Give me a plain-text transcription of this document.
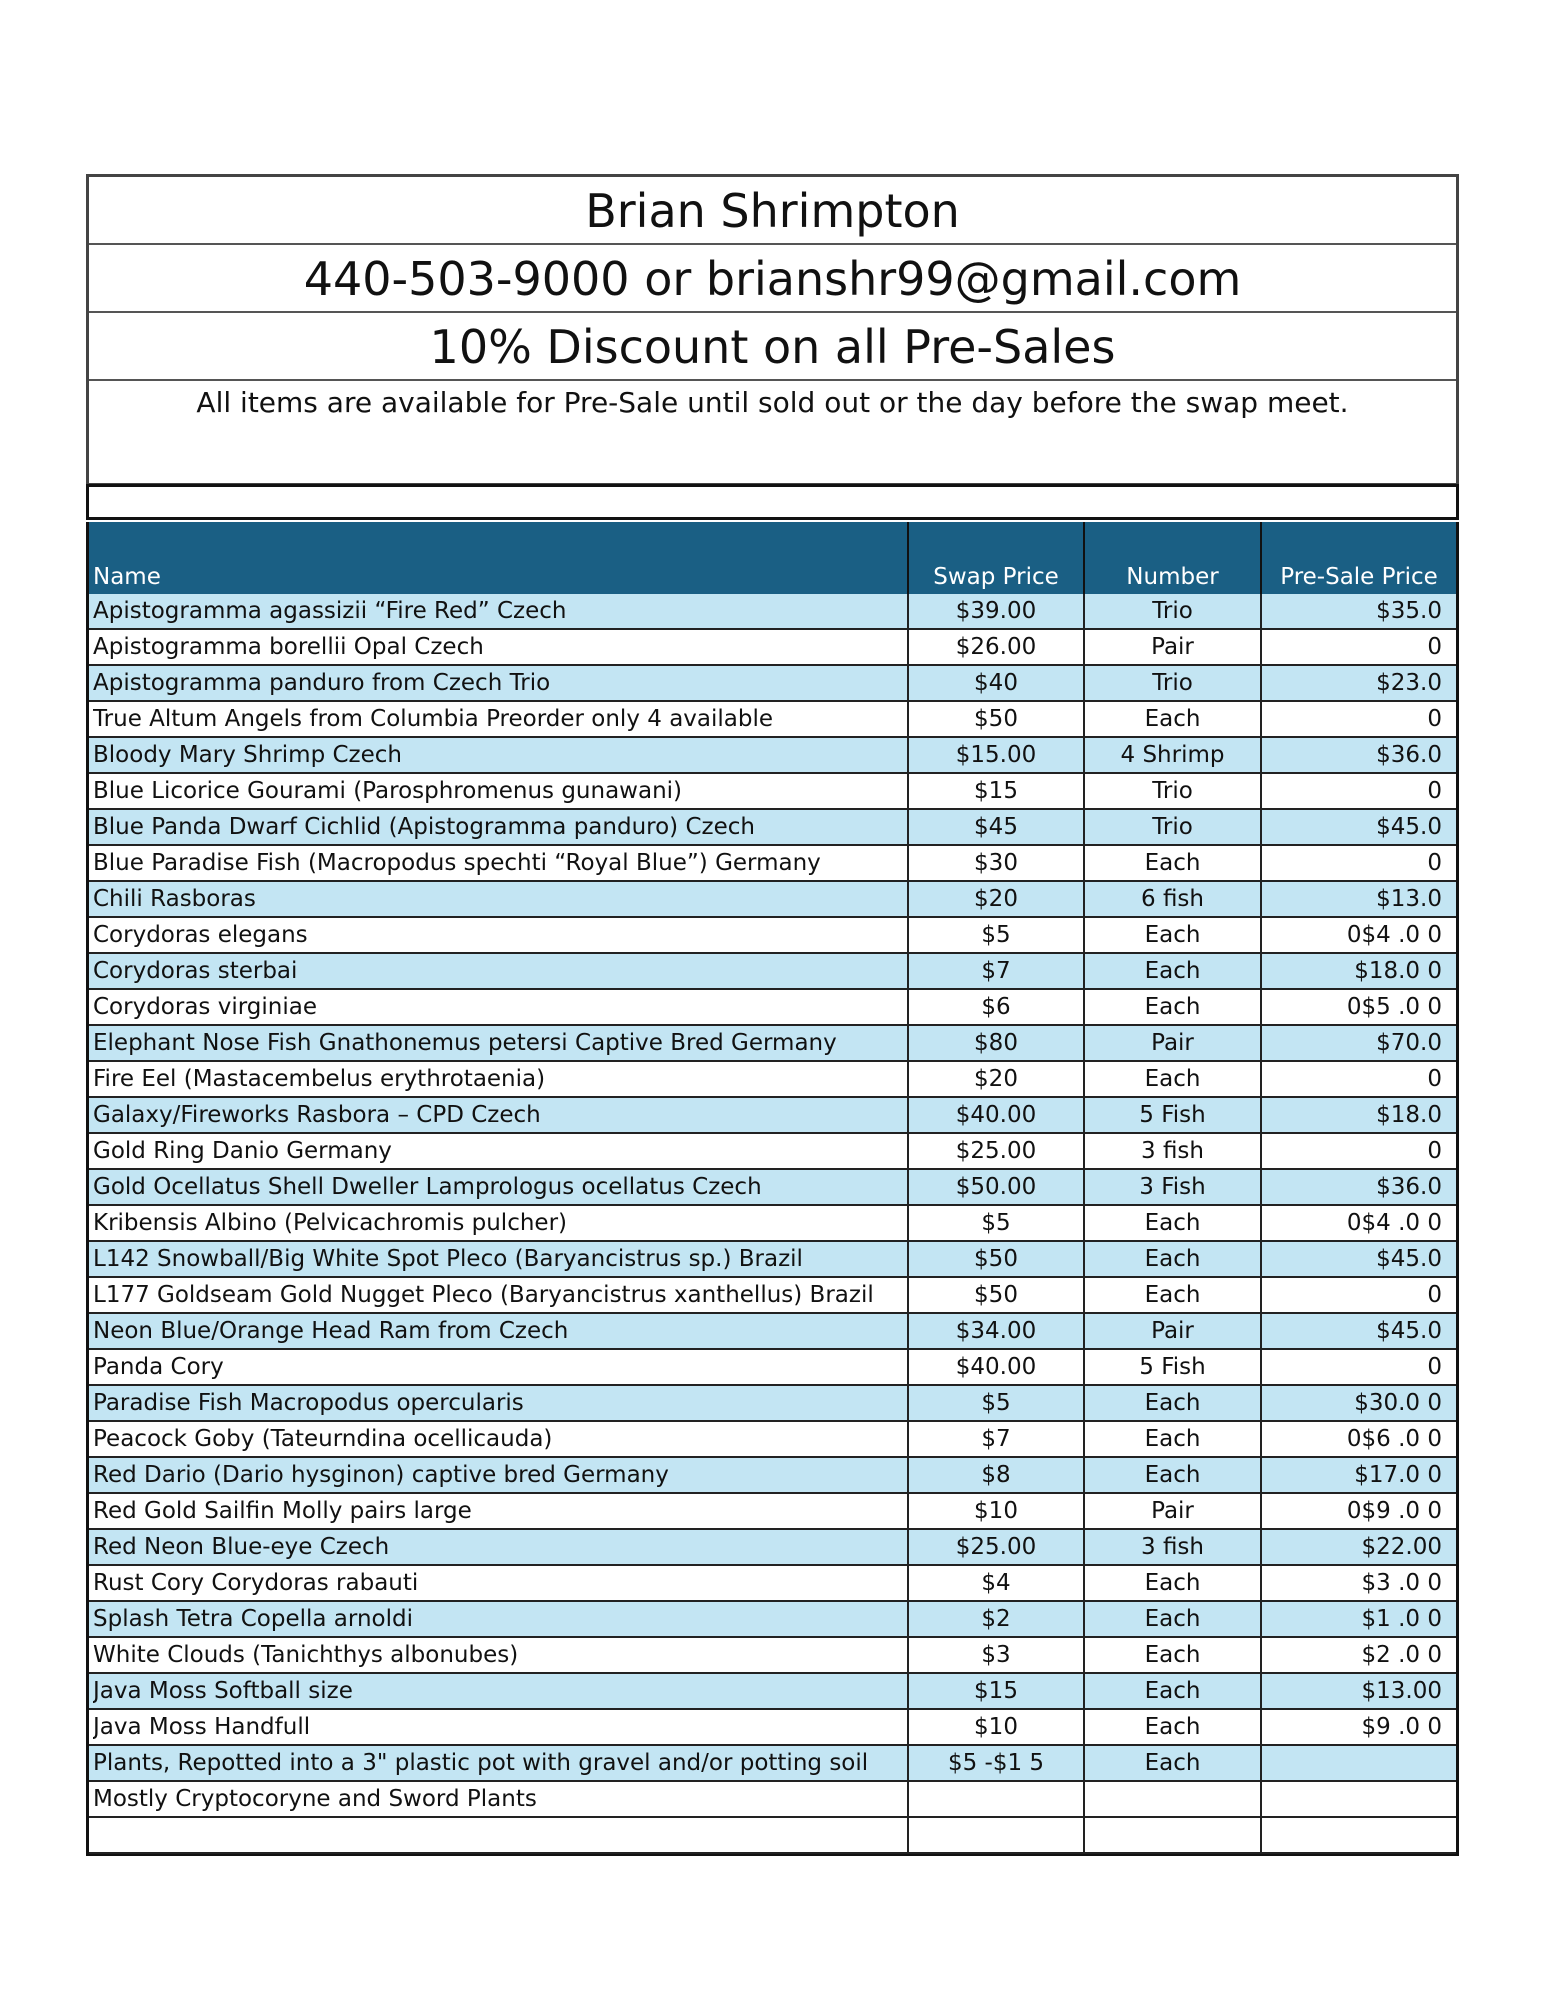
Brian Shrimpton
440-503-9000 or brianshr99@gmail.com
10% Discount on all Pre-Sales
All items are available for Pre-Sale until sold out or the day before the swap meet.
Name	Swap Price	Number	Pre-Sale Price
Apistogramma agassizii “Fire Red” Czech	$39.00	Trio	$35.0
Apistogramma borellii Opal Czech	$26.00	Pair	0
Apistogramma panduro from Czech Trio	$40	Trio	$23.0
True Altum Angels from Columbia Preorder only 4 available	$50	Each	0
Bloody Mary Shrimp Czech	$15.00	4 Shrimp	$36.0
Blue Licorice Gourami (Parosphromenus gunawani)	$15	Trio	0
Blue Panda Dwarf Cichlid (Apistogramma panduro) Czech	$45	Trio	$45.0
Blue Paradise Fish (Macropodus spechti “Royal Blue”) Germany	$30	Each	0
Chili Rasboras	$20	6 fish	$13.0
Corydoras elegans	$5	Each	0$4 .0 0
Corydoras sterbai	$7	Each	$18.0 0
Corydoras virginiae	$6	Each	0$5 .0 0
Elephant Nose Fish Gnathonemus petersi Captive Bred Germany	$80	Pair	$70.0
Fire Eel (Mastacembelus erythrotaenia)	$20	Each	0
Galaxy/Fireworks Rasbora – CPD Czech	$40.00	5 Fish	$18.0
Gold Ring Danio Germany	$25.00	3 fish	0
Gold Ocellatus Shell Dweller Lamprologus ocellatus Czech	$50.00	3 Fish	$36.0
Kribensis Albino (Pelvicachromis pulcher)	$5	Each	0$4 .0 0
L142 Snowball/Big White Spot Pleco (Baryancistrus sp.) Brazil	$50	Each	$45.0
L177 Goldseam Gold Nugget Pleco (Baryancistrus xanthellus) Brazil	$50	Each	0
Neon Blue/Orange Head Ram from Czech	$34.00	Pair	$45.0
Panda Cory	$40.00	5 Fish	0
Paradise Fish Macropodus opercularis	$5	Each	$30.0 0
Peacock Goby (Tateurndina ocellicauda)	$7	Each	0$6 .0 0
Red Dario (Dario hysginon) captive bred Germany	$8	Each	$17.0 0
Red Gold Sailfin Molly pairs large	$10	Pair	0$9 .0 0
Red Neon Blue-eye Czech	$25.00	3 fish	$22.00
Rust Cory Corydoras rabauti	$4	Each	$3 .0 0
Splash Tetra Copella arnoldi	$2	Each	$1 .0 0
White Clouds (Tanichthys albonubes)	$3	Each	$2 .0 0
Java Moss Softball size	$15	Each	$13.00
Java Moss Handfull	$10	Each	$9 .0 0
Plants, Repotted into a 3" plastic pot with gravel and/or potting soil	$5 -$1 5	Each
Mostly Cryptocoryne and Sword Plants
